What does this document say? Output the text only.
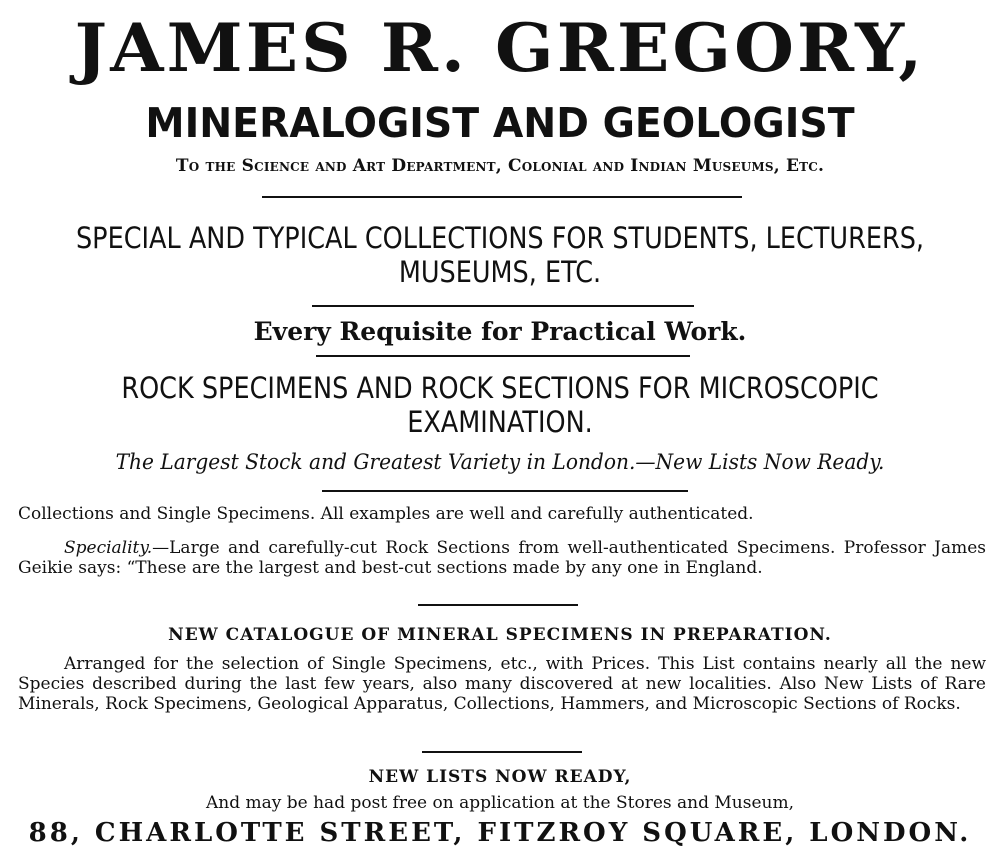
JAMES R. GREGORY,
MINERALOGIST AND GEOLOGIST
To the Science and Art Department, Colonial and Indian Museums, Etc.
SPECIAL AND TYPICAL COLLECTIONS FOR STUDENTS, LECTURERS,
MUSEUMS, ETC.
Every Requisite for Practical Work.
ROCK SPECIMENS AND ROCK SECTIONS FOR MICROSCOPIC
EXAMINATION.
The Largest Stock and Greatest Variety in London.—New Lists Now Ready.
Collections and Single Specimens. All examples are well and carefully authenticated.

Speciality.—Large and carefully-cut Rock Sections from well-authenticated Specimens. Professor James Geikie says: “These are the largest and best-cut sections made by any one in England.

NEW CATALOGUE OF MINERAL SPECIMENS IN PREPARATION.

Arranged for the selection of Single Specimens, etc., with Prices. This List contains nearly all the new Species described during the last few years, also many discovered at new localities. Also New Lists of Rare Minerals, Rock Specimens, Geological Apparatus, Collections, Hammers, and Microscopic Sections of Rocks.

NEW LISTS NOW READY,
And may be had post free on application at the Stores and Museum,
88, CHARLOTTE STREET, FITZROY SQUARE, LONDON.
